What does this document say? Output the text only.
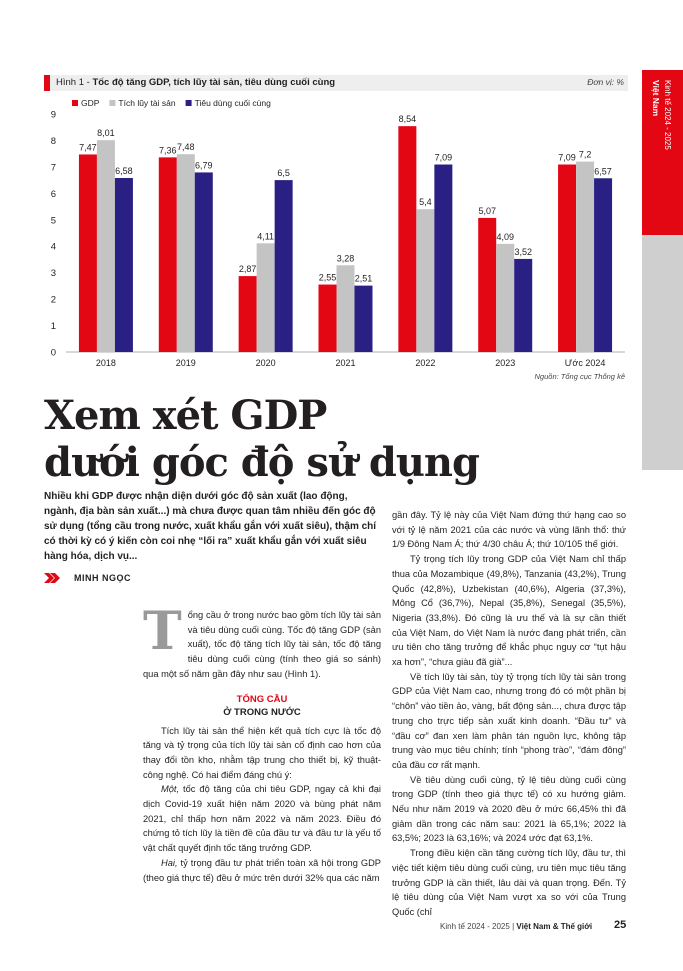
Hình 1 - Tốc độ tăng GDP, tích lũy tài sản, tiêu dùng cuối cùng	Đơn vị: %	Kinh tế 2024 - 2025
Việt Nam
0
1
2
3
4
5
6
7
8
9
GDP Tích lũy tài sản Tiêu dùng cuối cùng
7,47
8,01
6,58
2018
7,36 7,48
6,79
2019
2,87
4,11
6,5
2020
2,55
3,28
2,51
2021
8,54
5,4
7,09
2022
5,07
4,09
3,52
2023
7,09 7,2
6,57
Ước 2024
Nguồn: Tổng cục Thống kê
Xem xét GDP
dưới góc độ sử dụng
Nhiều khi GDP được nhận diện dưới góc độ sản xuất (lao động, ngành, địa bàn sản xuất...) mà chưa được quan tâm nhiều đến góc độ sử dụng (tổng cầu trong nước, xuất khẩu gắn với xuất siêu), thậm chí có thời kỳ có ý kiến còn coi nhẹ “lối ra” xuất khẩu gắn với xuất siêu hàng hóa, dịch vụ...
MINH NGỌC

Tổng cầu ở trong nước bao gồm tích lũy tài sản và tiêu dùng cuối cùng. Tốc độ tăng GDP (sản xuất), tốc độ tăng tích lũy tài sản, tốc độ tăng tiêu dùng cuối cùng (tính theo giá so sánh) qua một số năm gần đây như sau (Hình 1).

TỔNG CẦU
Ở TRONG NƯỚC

Tích lũy tài sản thể hiện kết quả tích cực là tốc độ tăng và tỷ trọng của tích lũy tài sản cố định cao hơn của thay đổi tồn kho, nhằm tập trung cho thiết bị, kỹ thuật-công nghệ. Có hai điểm đáng chú ý:

Một, tốc độ tăng của chi tiêu GDP, ngay cả khi đại dịch Covid-19 xuất hiện năm 2020 và bùng phát năm 2021, chỉ thấp hơn năm 2022 và năm 2023. Điều đó chứng tỏ tích lũy là tiền đề của đầu tư và đầu tư là yếu tố vật chất quyết định tốc tăng trưởng GDP.

Hai, tỷ trọng đầu tư phát triển toàn xã hội trong GDP (theo giá thực tế) đều ở mức trên dưới 32% qua các năm

gần đây. Tỷ lệ này của Việt Nam đứng thứ hạng cao so với tỷ lệ năm 2021 của các nước và vùng lãnh thổ: thứ 1/9 Đông Nam Á; thứ 4/30 châu Á; thứ 10/105 thế giới.

Tỷ trọng tích lũy trong GDP của Việt Nam chỉ thấp thua của Mozambique (49,8%), Tanzania (43,2%), Trung Quốc (42,8%), Uzbekistan (40,6%), Algeria (37,3%), Mông Cổ (36,7%), Nepal (35,8%), Senegal (35,5%), Nigeria (33,8%). Đó cũng là ưu thế và là sự cần thiết của Việt Nam, do Việt Nam là nước đang phát triển, cần ưu tiên cho tăng trưởng để khắc phục nguy cơ “tụt hậu xa hơn”, “chưa giàu đã già”...

Về tích lũy tài sản, tùy tỷ trọng tích lũy tài sản trong GDP của Việt Nam cao, nhưng trong đó có một phần bị “chôn” vào tiền ảo, vàng, bất động sản..., chưa được tập trung cho trực tiếp sản xuất kinh doanh. “Đầu tư” và “đầu cơ” đan xen làm phân tán nguồn lực, không tập trung vào mục tiêu chính; tính “phong trào”, “đám đông” của đầu cơ rất mạnh.

Về tiêu dùng cuối cùng, tỷ lệ tiêu dùng cuối cùng trong GDP (tính theo giá thực tế) có xu hướng giảm. Nếu như năm 2019 và 2020 đều ở mức 66,45% thì đã giảm dần trong các năm sau: 2021 là 65,1%; 2022 là 63,5%; 2023 là 63,16%; và 2024 ước đạt 63,1%.

Trong điều kiện cần tăng cường tích lũy, đầu tư, thì việc tiết kiệm tiêu dùng cuối cùng, ưu tiên mục tiêu tăng trưởng GDP là cần thiết, lâu dài và quan trọng. Đến. Tỷ lệ tiêu dùng của Việt Nam vượt xa so với của Trung Quốc (chỉ

Kinh tế 2024 - 2025 | Việt Nam & Thế giới 25
